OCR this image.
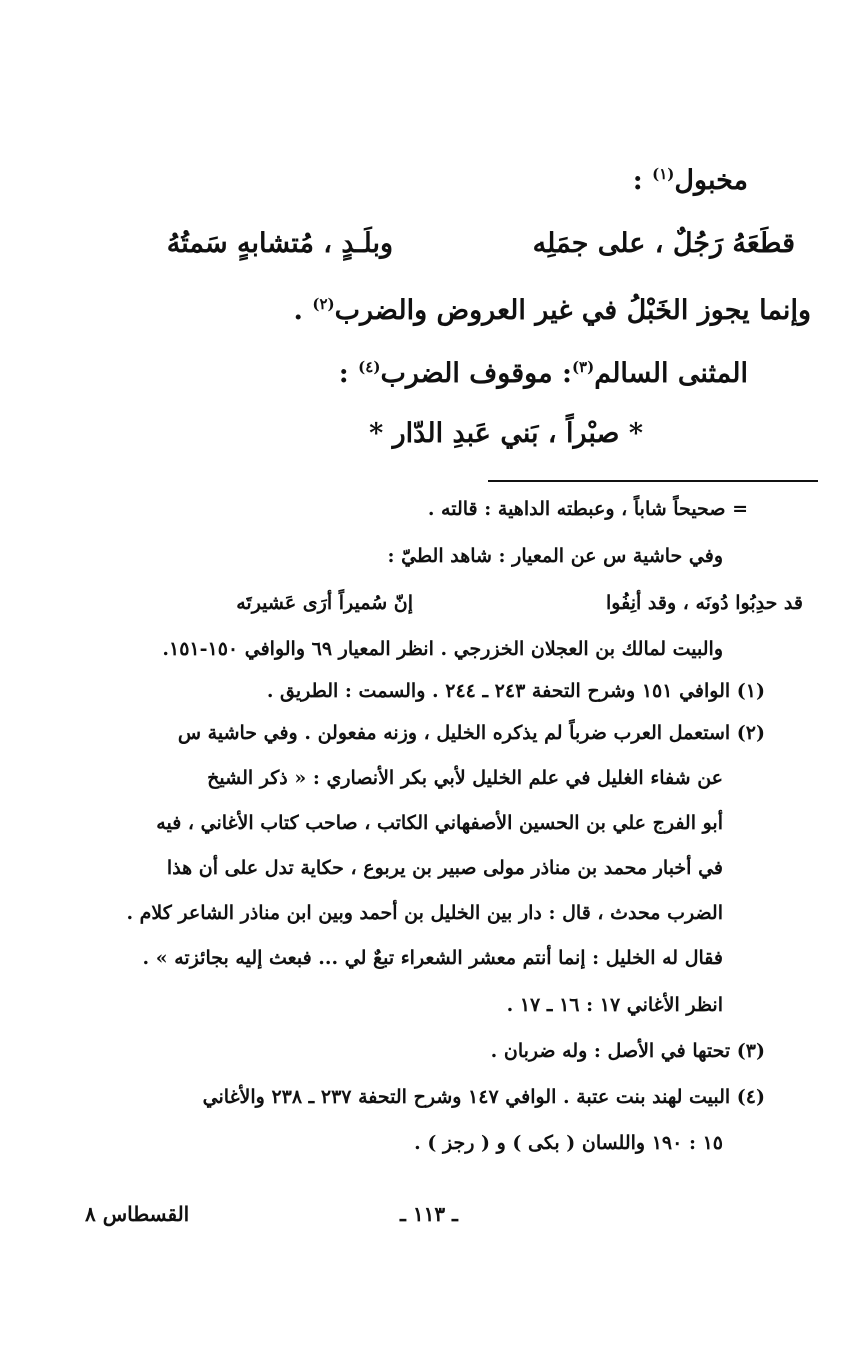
مخبول$^{(١)}$ :
قطَعَهُ رَجُلٌ ، على جمَلِه
وبلَـدٍ ، مُتشابهٍ سَمتُهُ
وإنما يجوز الخَبْلُ في غير العروض والضرب$^{(٢)}$ .
المثنى السالم$^{(٣)}$: موقوف الضرب$^{(٤)}$ :
* صبْراً ، بَني عَبدِ الدّار *
= صحيحاً شاباً ، وعبطته الداهية : قالته .
وفي حاشية س عن المعيار : شاهد الطيّ :
قد حدِبُوا دُونَه ، وقد أنِفُوا
إنّ سُميراً أرَى عَشيرتَه
والبيت لمالك بن العجلان الخزرجي . انظر المعيار ٦٩ والوافي ١٥٠-١٥١.
(١) الوافي ١٥١ وشرح التحفة ٢٤٣ ـ ٢٤٤ . والسمت : الطريق .
(٢) استعمل العرب ضرباً لم يذكره الخليل ، وزنه مفعولن . وفي حاشية س
عن شفاء الغليل في علم الخليل لأبي بكر الأنصاري : « ذكر الشيخ
أبو الفرج علي بن الحسين الأصفهاني الكاتب ، صاحب كتاب الأغاني ، فيه
في أخبار محمد بن مناذر مولى صبير بن يربوع ، حكاية تدل على أن هذا
الضرب محدث ، قال : دار بين الخليل بن أحمد وبين ابن مناذر الشاعر كلام .
فقال له الخليل : إنما أنتم معشر الشعراء تبعٌ لي ... فبعث إليه بجائزته » .
انظر الأغاني ١٧ : ١٦ ـ ١٧ .
(٣) تحتها في الأصل : وله ضربان .
(٤) البيت لهند بنت عتبة . الوافي ١٤٧ وشرح التحفة ٢٣٧ ـ ٢٣٨ والأغاني
١٥ : ١٩٠ واللسان ( بكى ) و ( رجز ) .
ـ ١١٣ ـ
القسطاس ٨
